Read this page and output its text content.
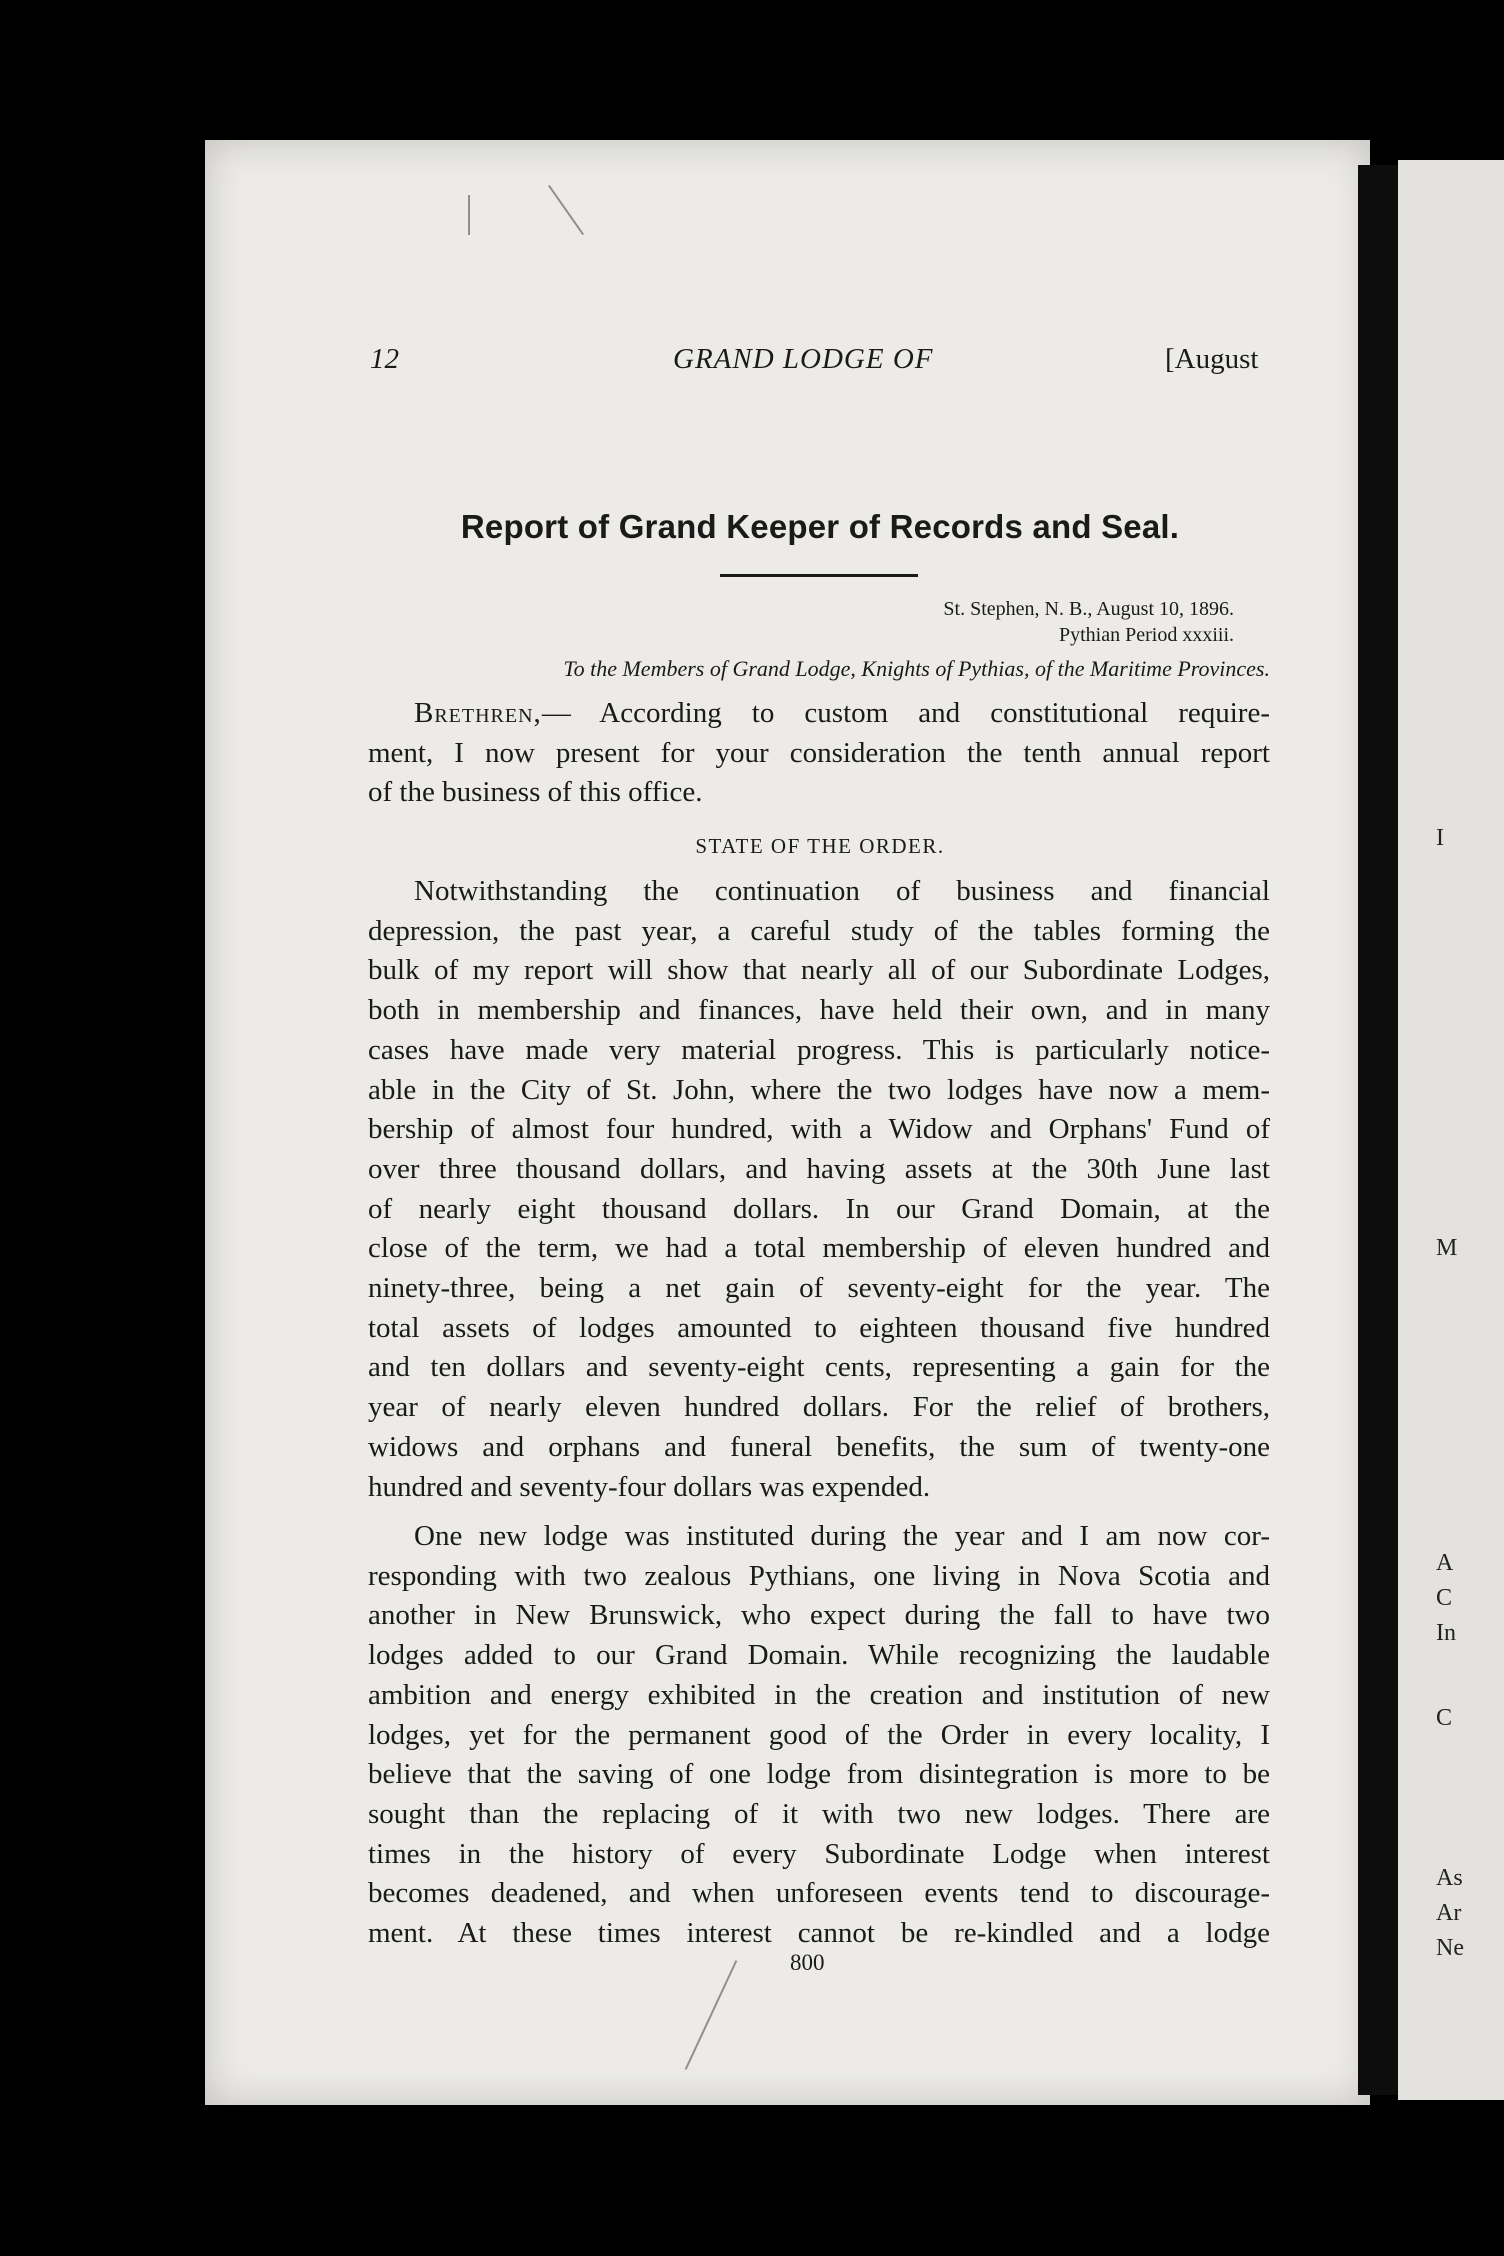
I
M
A
C
In
C
As
Ar
Ne
12	GRAND LODGE OF	[August
Report of Grand Keeper of Records and Seal.
St. Stephen, N. B., August 10, 1896.
Pythian Period xxxiii.
To the Members of Grand Lodge, Knights of Pythias, of the Maritime Provinces.
Brethren,— According to custom and constitutional require-
ment, I now present for your consideration the tenth annual report
of the business of this office.
STATE OF THE ORDER.
Notwithstanding the continuation of business and financial
depression, the past year, a careful study of the tables forming the
bulk of my report will show that nearly all of our Subordinate Lodges,
both in membership and finances, have held their own, and in many
cases have made very material progress. This is particularly notice-
able in the City of St. John, where the two lodges have now a mem-
bership of almost four hundred, with a Widow and Orphans' Fund of
over three thousand dollars, and having assets at the 30th June last
of nearly eight thousand dollars. In our Grand Domain, at the
close of the term, we had a total membership of eleven hundred and
ninety-three, being a net gain of seventy-eight for the year. The
total assets of lodges amounted to eighteen thousand five hundred
and ten dollars and seventy-eight cents, representing a gain for the
year of nearly eleven hundred dollars. For the relief of brothers,
widows and orphans and funeral benefits, the sum of twenty-one
hundred and seventy-four dollars was expended.
One new lodge was instituted during the year and I am now cor-
responding with two zealous Pythians, one living in Nova Scotia and
another in New Brunswick, who expect during the fall to have two
lodges added to our Grand Domain. While recognizing the laudable
ambition and energy exhibited in the creation and institution of new
lodges, yet for the permanent good of the Order in every locality, I
believe that the saving of one lodge from disintegration is more to be
sought than the replacing of it with two new lodges. There are
times in the history of every Subordinate Lodge when interest
becomes deadened, and when unforeseen events tend to discourage-
ment. At these times interest cannot be re-kindled and a lodge
800
